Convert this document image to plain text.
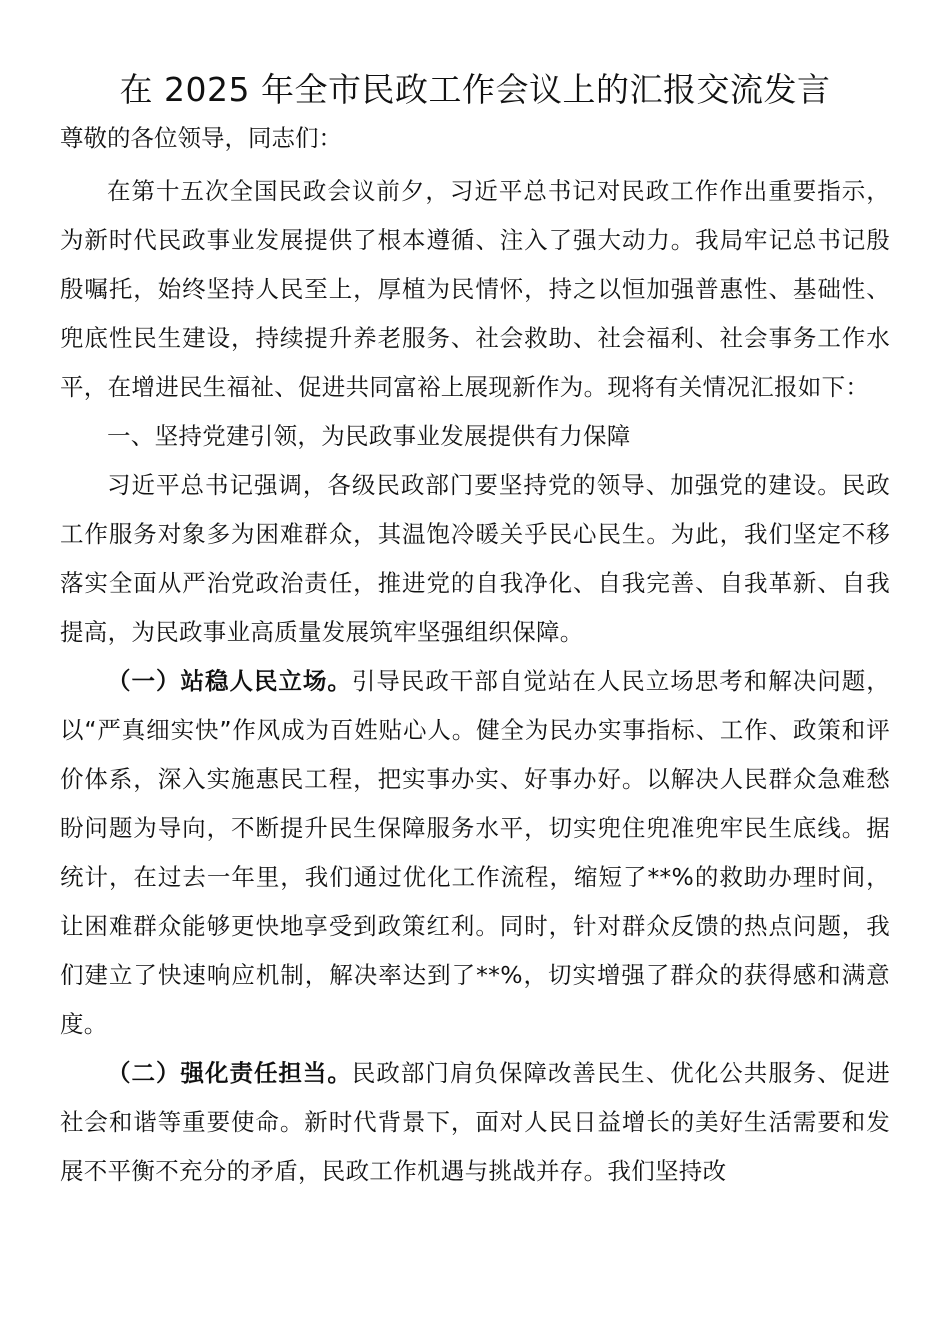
在 2025 年全市民政工作会议上的汇报交流发言
尊敬的各位领导，同志们：

在第十五次全国民政会议前夕，习近平总书记对民政工作作出重要指示，为新时代民政事业发展提供了根本遵循、注入了强大动力。我局牢记总书记殷殷嘱托，始终坚持人民至上，厚植为民情怀，持之以恒加强普惠性、基础性、兜底性民生建设，持续提升养老服务、社会救助、社会福利、社会事务工作水平，在增进民生福祉、促进共同富裕上展现新作为。现将有关情况汇报如下：

一、坚持党建引领，为民政事业发展提供有力保障

习近平总书记强调，各级民政部门要坚持党的领导、加强党的建设。民政工作服务对象多为困难群众，其温饱冷暖关乎民心民生。为此，我们坚定不移落实全面从严治党政治责任，推进党的自我净化、自我完善、自我革新、自我提高，为民政事业高质量发展筑牢坚强组织保障。

（一）站稳人民立场。引导民政干部自觉站在人民立场思考和解决问题，以“严真细实快”作风成为百姓贴心人。健全为民办实事指标、工作、政策和评价体系，深入实施惠民工程，把实事办实、好事办好。以解决人民群众急难愁盼问题为导向，不断提升民生保障服务水平，切实兜住兜准兜牢民生底线。据统计，在过去一年里，我们通过优化工作流程，缩短了**%的救助办理时间，让困难群众能够更快地享受到政策红利。同时，针对群众反馈的热点问题，我们建立了快速响应机制，解决率达到了**%，切实增强了群众的获得感和满意度。

（二）强化责任担当。民政部门肩负保障改善民生、优化公共服务、促进社会和谐等重要使命。新时代背景下，面对人民日益增长的美好生活需要和发展不平衡不充分的矛盾，民政工作机遇与挑战并存。我们坚持改
